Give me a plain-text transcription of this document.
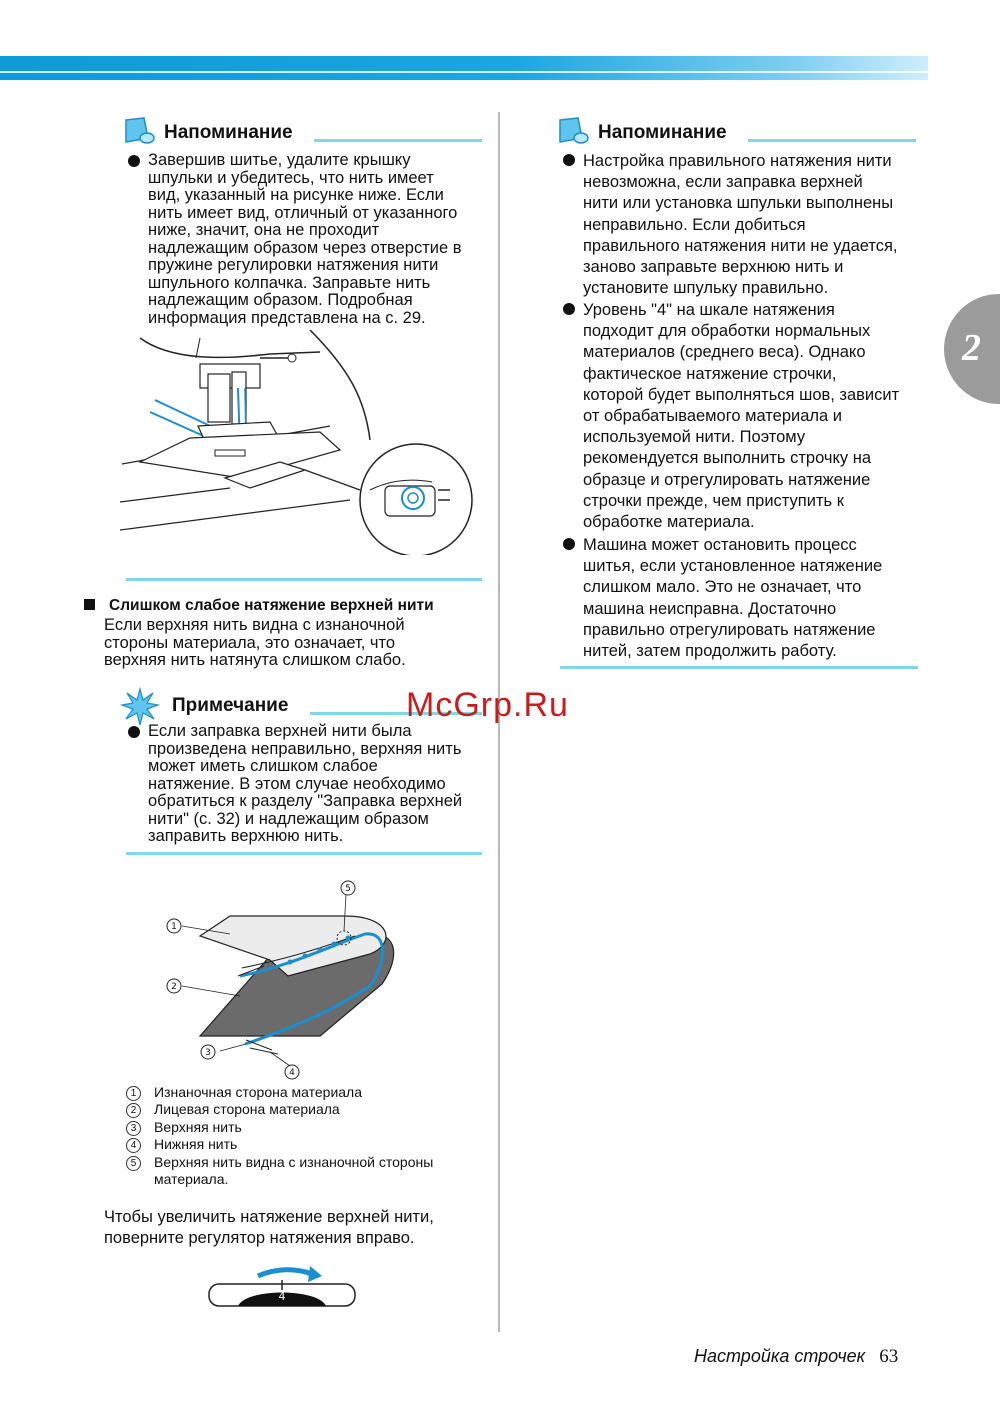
2
Напоминание
Завершив шитье, удалите крышку
шпульки и убедитесь, что нить имеет
вид, указанный на рисунке ниже. Если
нить имеет вид, отличный от указанного
ниже, значит, она не проходит
надлежащим образом через отверстие в
пружине регулировки натяжения нити
шпульного колпачка. Заправьте нить
надлежащим образом. Подробная
информация представлена на с. 29.
Слишком слабое натяжение верхней нити
Если верхняя нить видна с изнаночной
стороны материала, это означает, что
верхняя нить натянута слишком слабо.
Примечание
Если заправка верхней нити была
произведена неправильно, верхняя нить
может иметь слишком слабое
натяжение. В этом случае необходимо
обратиться к разделу "Заправка верхней
нити" (с. 32) и надлежащим образом
заправить верхнюю нить.
1
2
3
4
5
1	Изнаночная сторона материала
2	Лицевая сторона материала
3	Верхняя нить
4	Нижняя нить
5	Верхняя нить видна с изнаночной стороны
материала.
Чтобы увеличить натяжение верхней нити,
поверните регулятор натяжения вправо.
4
Напоминание
Настройка правильного натяжения нити
невозможна, если заправка верхней
нити или установка шпульки выполнены
неправильно. Если добиться
правильного натяжения нити не удается,
заново заправьте верхнюю нить и
установите шпульку правильно.
Уровень "4" на шкале натяжения
подходит для обработки нормальных
материалов (среднего веса). Однако
фактическое натяжение строчки,
которой будет выполняться шов, зависит
от обрабатываемого материала и
используемой нити. Поэтому
рекомендуется выполнить строчку на
образце и отрегулировать натяжение
строчки прежде, чем приступить к
обработке материала.
Машина может остановить процесс
шитья, если установленное натяжение
слишком мало. Это не означает, что
машина неисправна. Достаточно
правильно отрегулировать натяжение
нитей, затем продолжить работу.
McGrp.Ru
Настройка строчек 63
